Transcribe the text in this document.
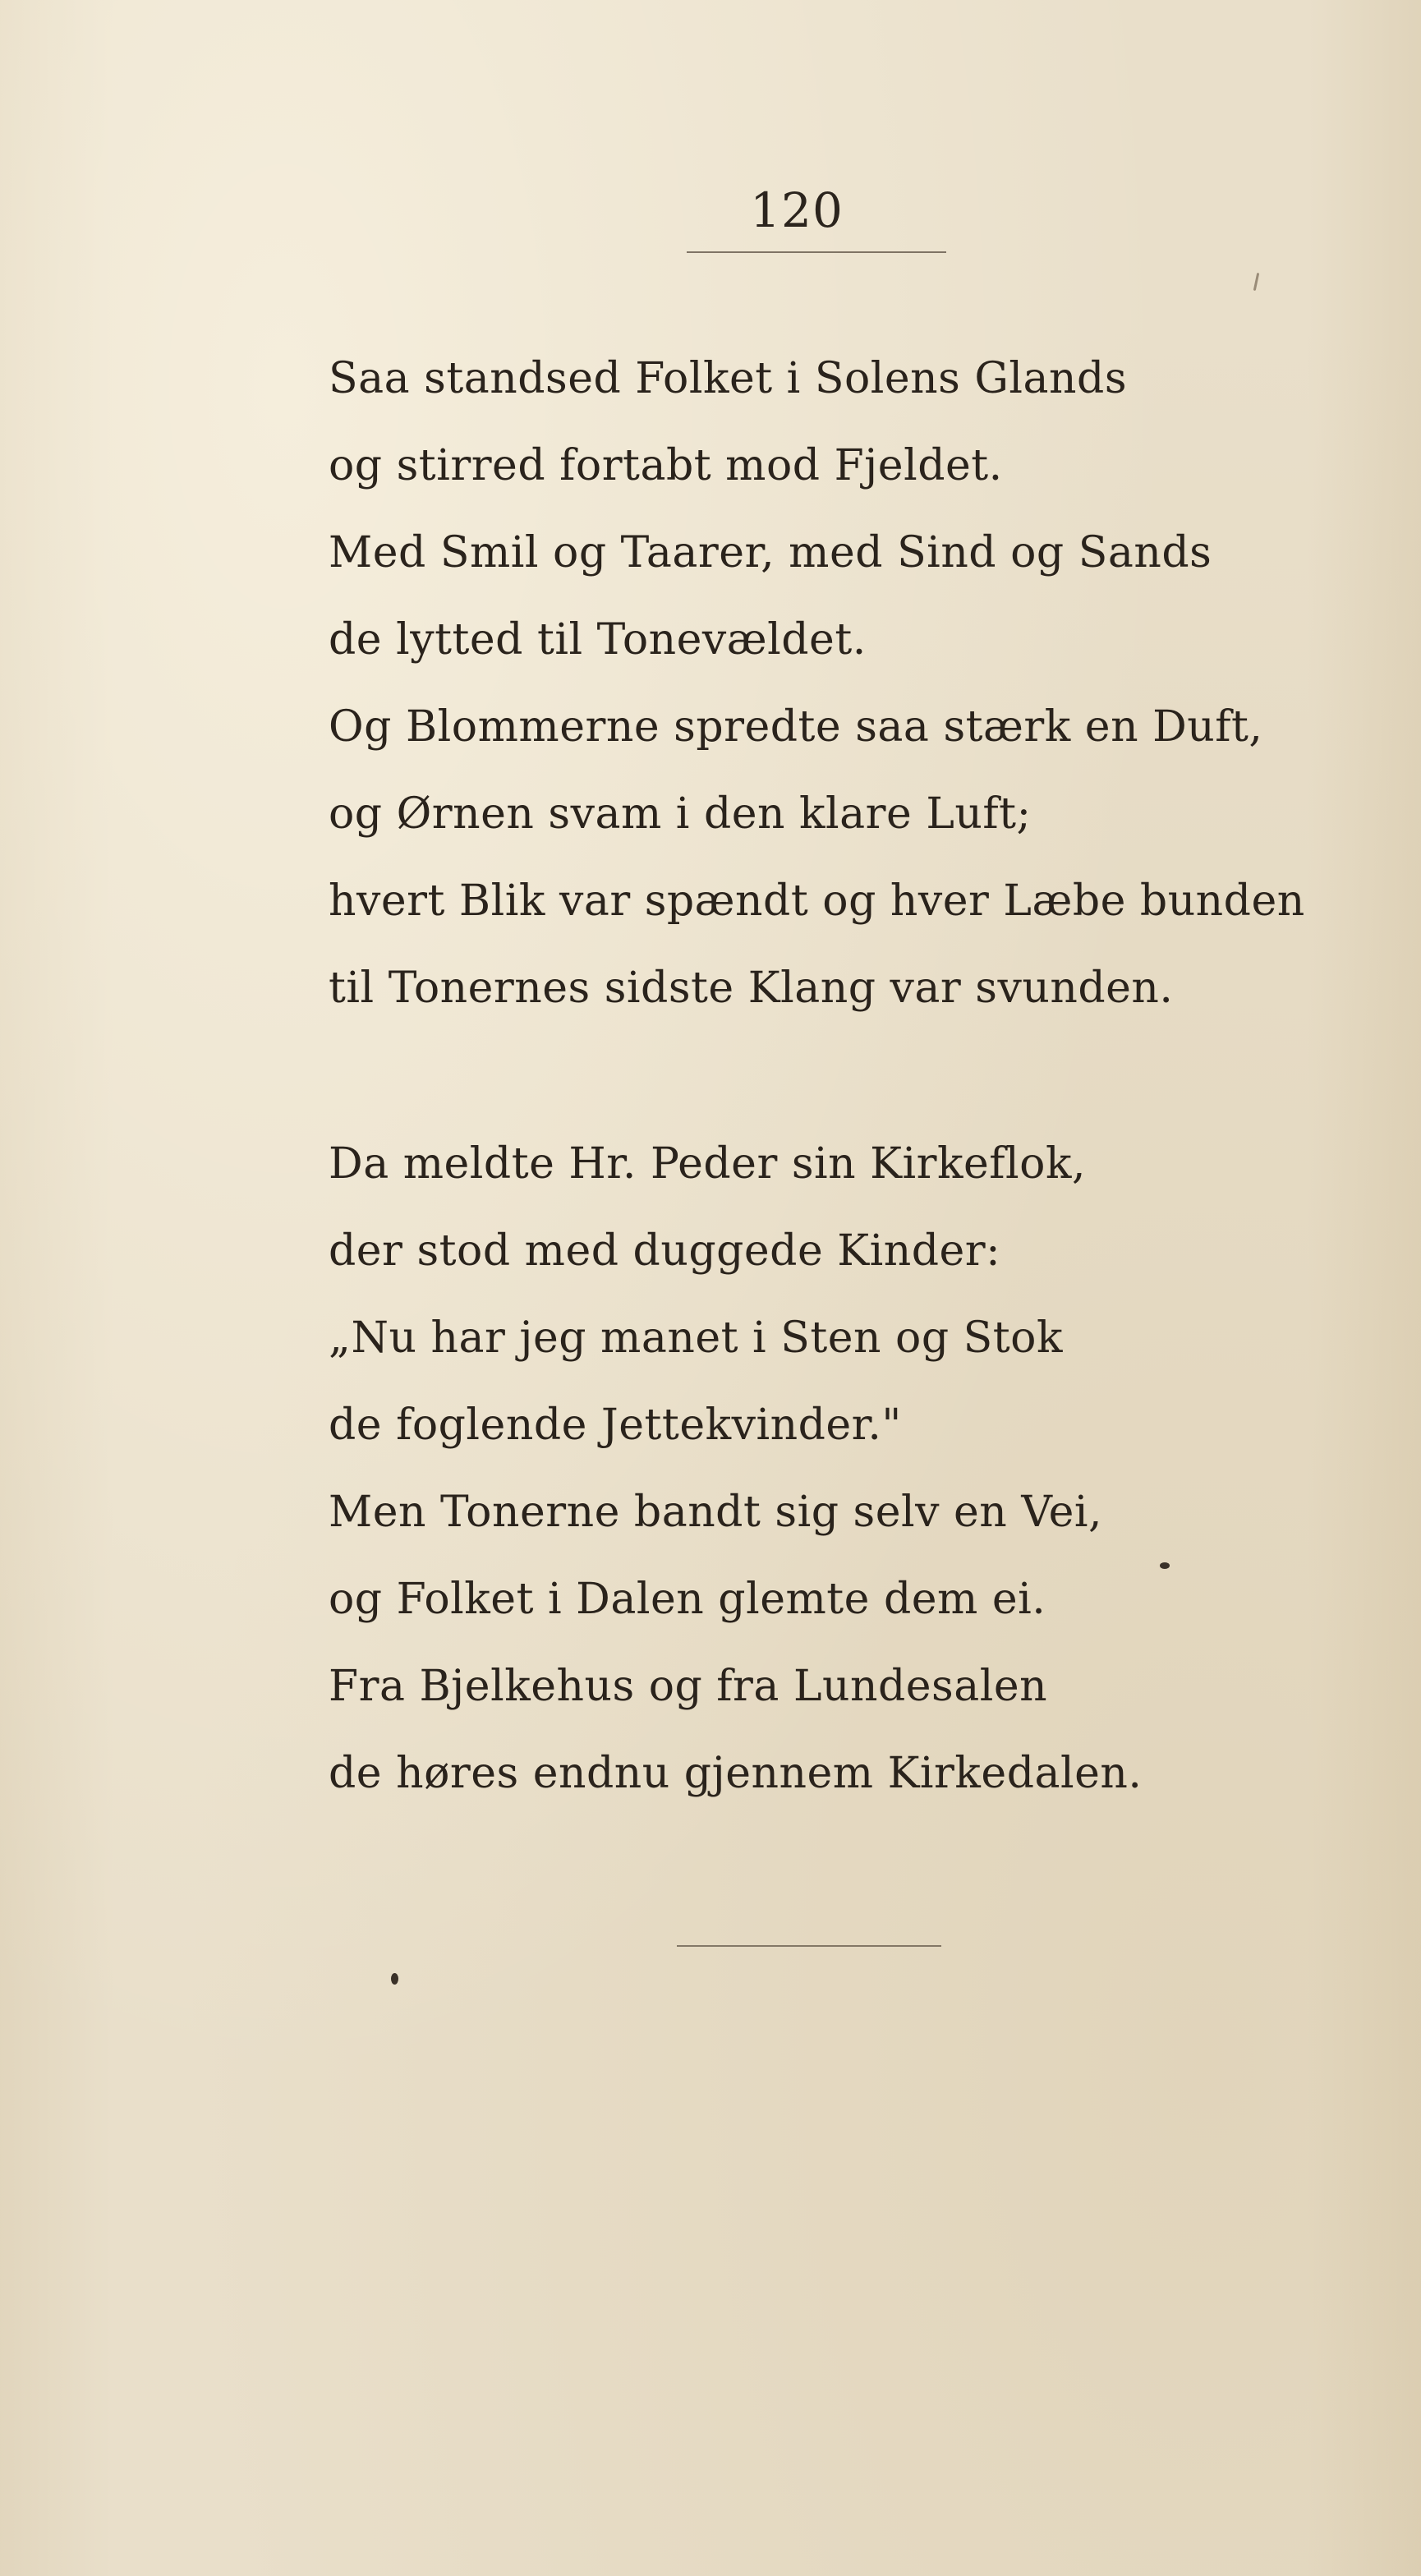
120
Saa standsed Folket i Solens Glands
og stirred fortabt mod Fjeldet.
Med Smil og Taarer, med Sind og Sands
de lytted til Tonevældet.
Og Blommerne spredte saa stærk en Duft,
og Ørnen svam i den klare Luft;
hvert Blik var spændt og hver Læbe bunden
til Tonernes sidste Klang var svunden.
Da meldte Hr. Peder sin Kirkeflok,
der stod med duggede Kinder:
„Nu har jeg manet i Sten og Stok
de foglende Jettekvinder."
Men Tonerne bandt sig selv en Vei,
og Folket i Dalen glemte dem ei.
Fra Bjelkehus og fra Lundesalen
de høres endnu gjennem Kirkedalen.
